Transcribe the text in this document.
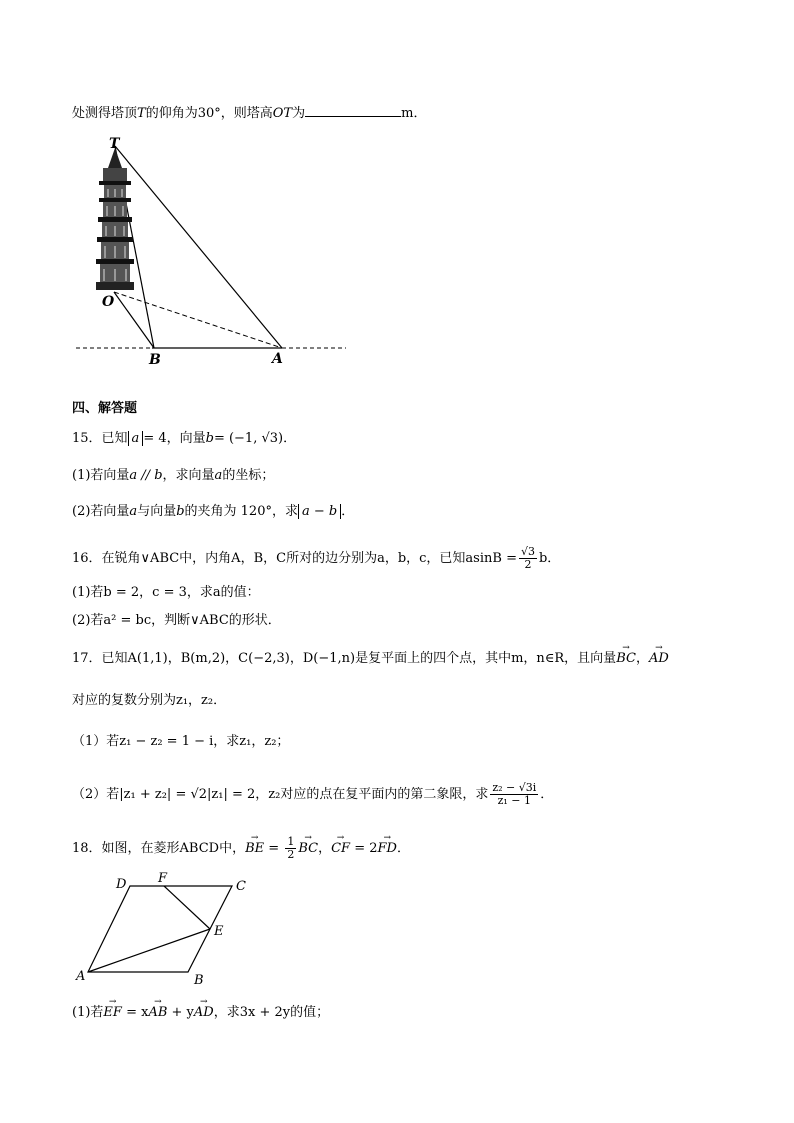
处测得塔顶T的仰角为30°，则塔高OT为	m．
T
O
B	A
四、解答题
15．已知 a = 4，向量b= (−1, √3)．
(1)若向量a // b，求向量a的坐标；
(2)若向量a与向量b的夹角为 120°，求 a − b ．
16．在锐角∨ABC中，内角A，B，C所对的边分别为a，b，c，已知$asinB = \frac{√3}{2}$ b．
(1)若b = 2，c = 3，求a的值：
(2)若a² = bc，判断∨ABC的形状．
17．已知A(1,1)，B(m,2)，C(−2,3)，D(−1,n)是复平面上的四个点，其中m，n∈R，且向量→ BC，→ AD
对应的复数分别为z₁，z₂．
（1）若z₁ − z₂ = 1 − i，求z₁，z₂；
（2）若|z₁ + z₂| = √2|z₁| = 2，z₂对应的点在复平面内的第二象限，求 $\frac{\text{z₂ − √3i}}{\text{z₁ − 1}}$ ．
18．如图，在菱形ABCD中，→ BE = $\frac{1}{2}$
→ BC，→ CF = 2→ FD．
D F
C
E
A	B
(1)若→ EF = x→ AB + y→ AD，求3x + 2y的值；
